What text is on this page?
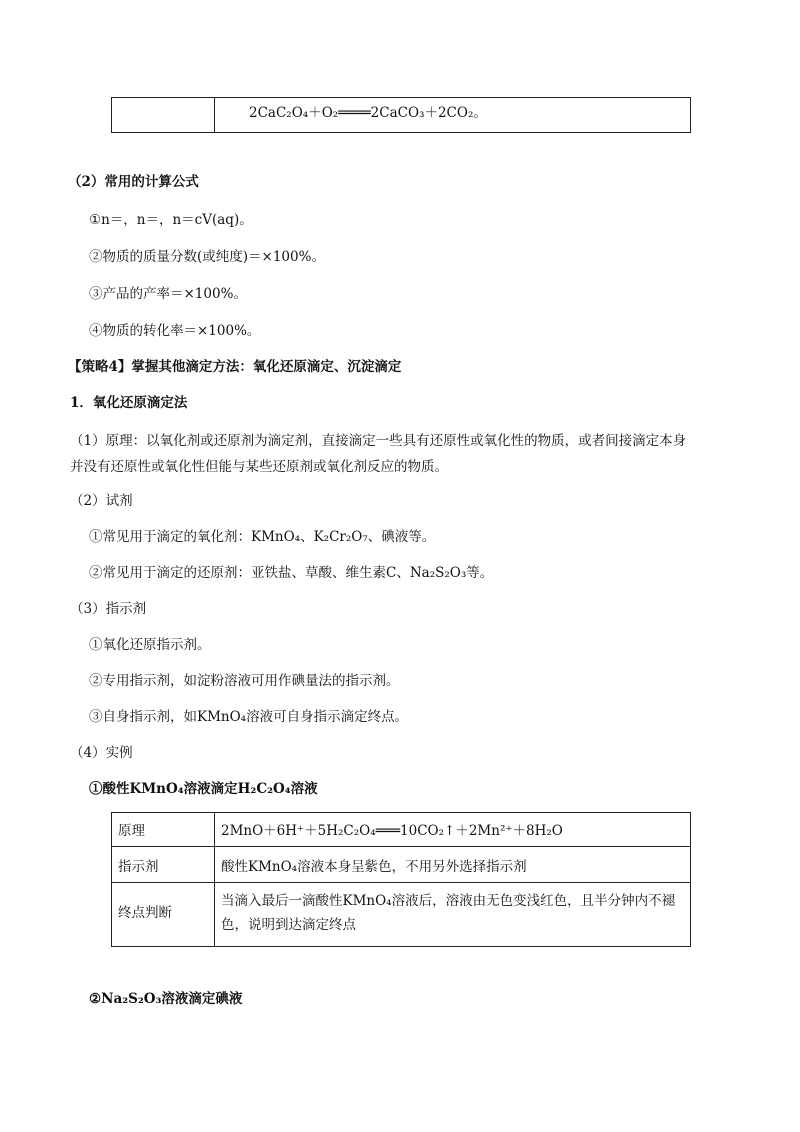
	2CaC₂O₄＋O₂════2CaCO₃＋2CO₂。
（2）常用的计算公式
①n＝，n＝，n＝cV(aq)。
②物质的质量分数(或纯度)＝×100%。
③产品的产率＝×100%。
④物质的转化率＝×100%。
【策略4】掌握其他滴定方法：氧化还原滴定、沉淀滴定
1．氧化还原滴定法
（1）原理：以氧化剂或还原剂为滴定剂，直接滴定一些具有还原性或氧化性的物质，或者间接滴定本身
并没有还原性或氧化性但能与某些还原剂或氧化剂反应的物质。
（2）试剂
①常见用于滴定的氧化剂：KMnO₄、K₂Cr₂O₇、碘液等。
②常见用于滴定的还原剂：亚铁盐、草酸、维生素C、Na₂S₂O₃等。
（3）指示剂
①氧化还原指示剂。
②专用指示剂，如淀粉溶液可用作碘量法的指示剂。
③自身指示剂，如KMnO₄溶液可自身指示滴定终点。
（4）实例
①酸性KMnO₄溶液滴定H₂C₂O₄溶液
原理	2MnO＋6H⁺＋5H₂C₂O₄═══10CO₂↑＋2Mn²⁺＋8H₂O
指示剂	酸性KMnO₄溶液本身呈紫色，不用另外选择指示剂
终点判断	当滴入最后一滴酸性KMnO₄溶液后，溶液由无色变浅红色，且半分钟内不褪色，说明到达滴定终点
②Na₂S₂O₃溶液滴定碘液
